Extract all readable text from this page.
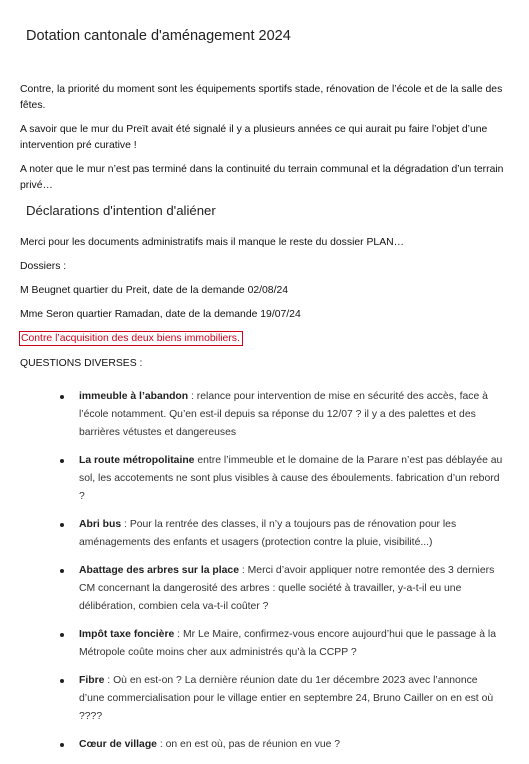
Dotation cantonale d'aménagement 2024

Contre, la priorité du moment sont les équipements sportifs stade, rénovation de l’école et de la salle des fêtes.

A savoir que le mur du Preït avait été signalé il y a plusieurs années ce qui aurait pu faire l’objet d’une intervention pré curative !

A noter que le mur n’est pas terminé dans la continuité du terrain communal et la dégradation d’un terrain privé…

Déclarations d'intention d'aliéner

Merci pour les documents administratifs mais il manque le reste du dossier PLAN…

Dossiers :

M Beugnet quartier du Preit, date de la demande 02/08/24

Mme Seron quartier Ramadan, date de la demande 19/07/24

Contre l’acquisition des deux biens immobiliers.

QUESTIONS DIVERSES :

immeuble à l’abandon : relance pour intervention de mise en sécurité des accès, face à l’école notamment. Qu’en est-il depuis sa réponse du 12/07 ? il y a des palettes et des barrières vétustes et dangereuses
La route métropolitaine entre l’immeuble et le domaine de la Parare n’est pas déblayée au sol, les accotements ne sont plus visibles à cause des éboulements. fabrication d’un rebord ?
Abri bus : Pour la rentrée des classes, il n’y a toujours pas de rénovation pour les aménagements des enfants et usagers (protection contre la pluie, visibilité...)
Abattage des arbres sur la place : Merci d’avoir appliquer notre remontée des 3 derniers CM concernant la dangerosité des arbres : quelle société à travailler, y-a-t-il eu une délibération, combien cela va-t-il coûter ?
Impôt taxe foncière : Mr Le Maire, confirmez-vous encore aujourd’hui que le passage à la Métropole coûte moins cher aux administrés qu’à la CCPP ?
Fibre : Où en est-on ? La dernière réunion date du 1er décembre 2023 avec l’annonce d’une commercialisation pour le village entier en septembre 24, Bruno Cailler on en est où ????
Cœur de village : on en est où, pas de réunion en vue ?
